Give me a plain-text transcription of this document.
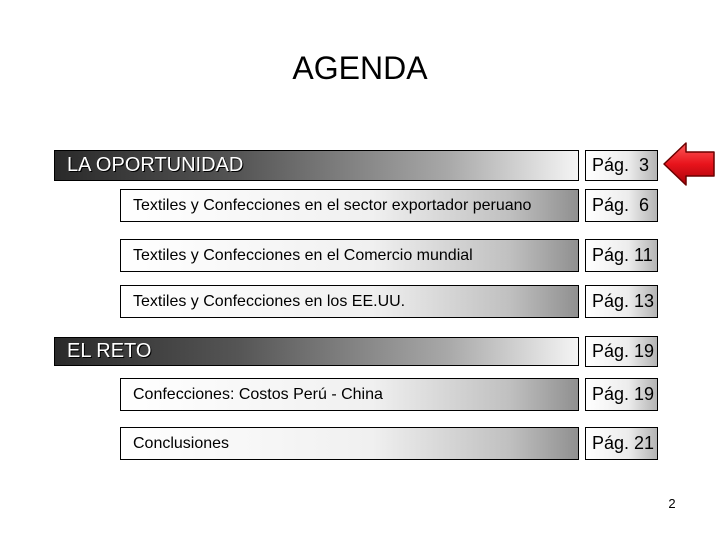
AGENDA
LA OPORTUNIDAD	Pág.  3
Textiles y Confecciones en el sector exportador peruano	Pág.  6
Textiles y Confecciones en el Comercio mundial	Pág. 11
Textiles y Confecciones en los EE.UU.	Pág. 13
EL RETO	Pág. 19
Confecciones: Costos Perú - China	Pág. 19
Conclusiones	Pág. 21
2
